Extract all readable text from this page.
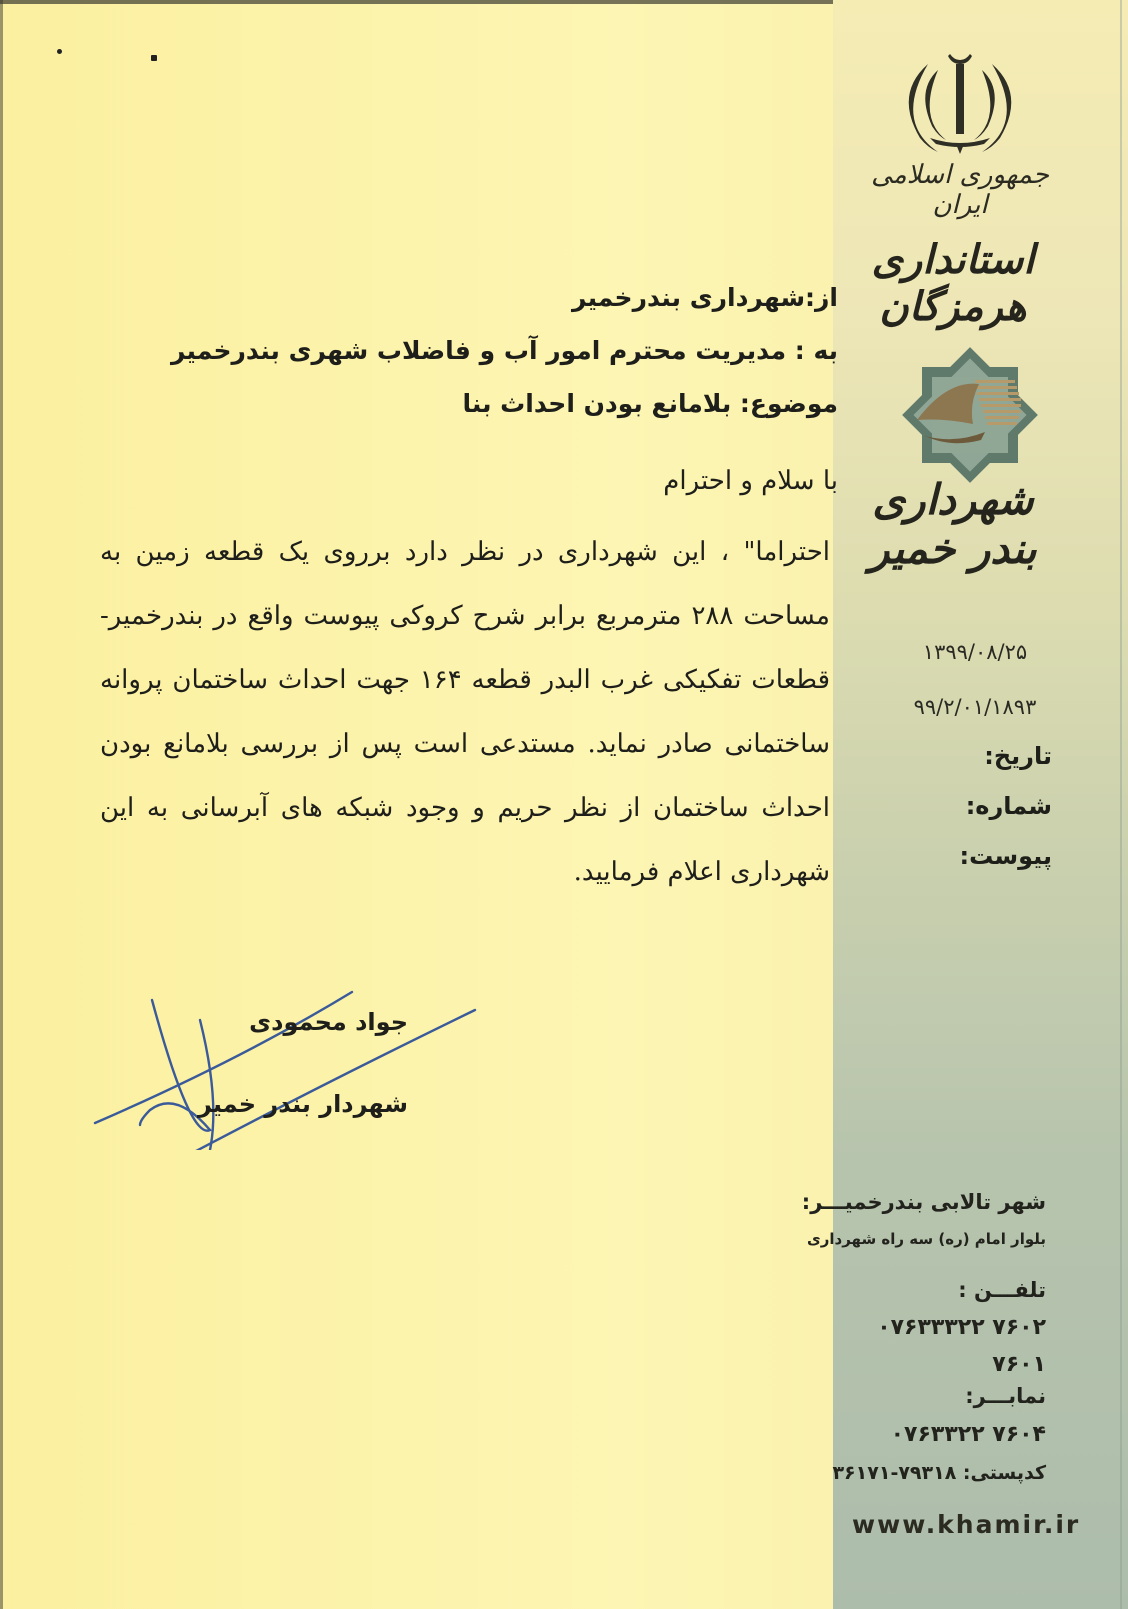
جمهوری اسلامی ایران
استانداری هرمزگان
شهرداری بندر خمیر
۱۳۹۹/۰۸/۲۵
۹۹/۲/۰۱/۱۸۹۳
تاریخ:
شماره:
پیوست:
از:شهرداری بندرخمیر
به : مدیریت محترم امور آب و فاضلاب شهری بندرخمیر
موضوع: بلامانع بودن احداث بنا
با سلام و احترام
احتراما" ، این شهرداری در نظر دارد برروی یک قطعه زمین به مساحت ۲۸۸ مترمربع برابر شرح کروکی پیوست واقع در بندرخمیر-قطعات تفکیکی غرب البدر قطعه ۱۶۴ جهت احداث ساختمان پروانه ساختمانی صادر نماید. مستدعی است پس از بررسی بلامانع بودن احداث ساختمان از نظر حریم و وجود شبکه های آبرسانی به این شهرداری اعلام فرمایید.
جواد محمودی
شهردار بندر خمیر
شهر تالابی بندرخمیـــر:
بلوار امام (ره) سه راه شهرداری
تلفـــن :
۰۷۶۳۳۳۲۲ ۷۶۰۲
۷۶۰۱
نمابـــر:
۰۷۶۳۳۲۲ ۷۶۰۴
کدپستی: ۷۹۳۱۸-۳۶۱۷۱
www.khamir.ir
